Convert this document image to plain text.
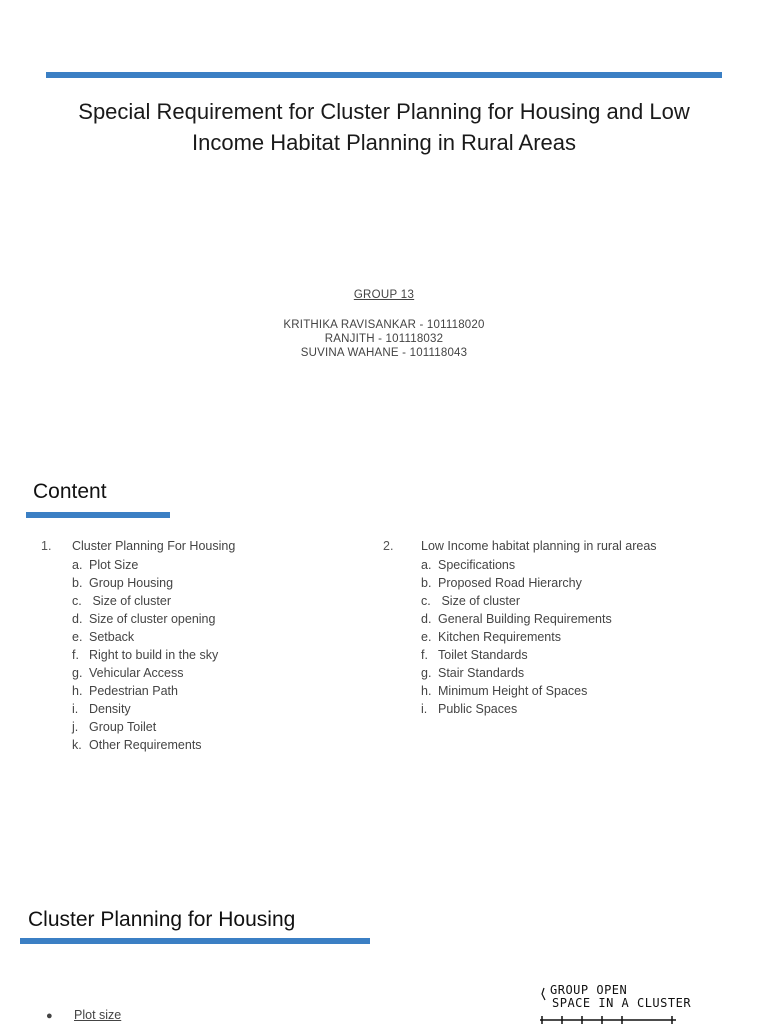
Special Requirement for Cluster Planning for Housing and Low Income Habitat Planning in Rural Areas
GROUP 13
KRITHIKA RAVISANKAR - 101118020
RANJITH - 101118032
SUVINA WAHANE - 101118043
Content
1. Cluster Planning For Housing
a. Plot Size
b. Group Housing
c. Size of cluster
d. Size of cluster opening
e. Setback
f. Right to build in the sky
g. Vehicular Access
h. Pedestrian Path
i. Density
j. Group Toilet
k. Other Requirements
2. Low Income habitat planning in rural areas
a. Specifications
b. Proposed Road Hierarchy
c. Size of cluster
d. General Building Requirements
e. Kitchen Requirements
f. Toilet Standards
g. Stair Standards
h. Minimum Height of Spaces
i. Public Spaces
Cluster Planning for Housing
● Plot size
GROUP OPEN
SPACE IN A CLUSTER
